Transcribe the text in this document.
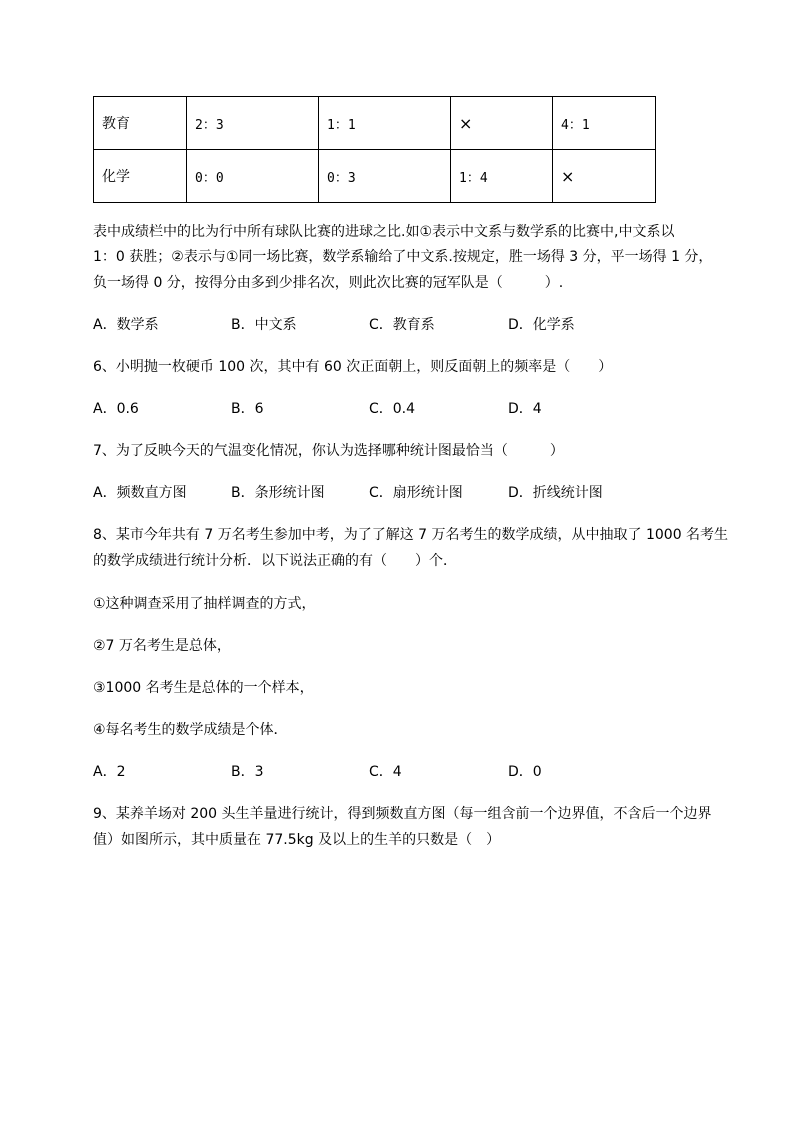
教育	2：3	1：1	×	4：1
化学	0：0	0：3	1：4	×
表中成绩栏中的比为行中所有球队比赛的进球之比.如①表示中文系与数学系的比赛中,中文系以
1：0 获胜；②表示与①同一场比赛，数学系输给了中文系.按规定，胜一场得 3 分，平一场得 1 分，
负一场得 0 分，按得分由多到少排名次，则此次比赛的冠军队是（　　　）.
A．数学系	B．中文系	C．教育系	D．化学系
6、小明抛一枚硬币 100 次，其中有 60 次正面朝上，则反面朝上的频率是（　　）
A．0.6	B．6	C．0.4	D．4
7、为了反映今天的气温变化情况，你认为选择哪种统计图最恰当（　　　）
A．频数直方图	B．条形统计图	C．扇形统计图	D．折线统计图
8、某市今年共有 7 万名考生参加中考，为了了解这 7 万名考生的数学成绩，从中抽取了 1000 名考生
的数学成绩进行统计分析．以下说法正确的有（　　）个．
①这种调查采用了抽样调查的方式，
②7 万名考生是总体，
③1000 名考生是总体的一个样本，
④每名考生的数学成绩是个体．
A．2	B．3	C．4	D．0
9、某养羊场对 200 头生羊量进行统计，得到频数直方图（每一组含前一个边界值，不含后一个边界
值）如图所示，其中质量在 77.5kg 及以上的生羊的只数是（　）
